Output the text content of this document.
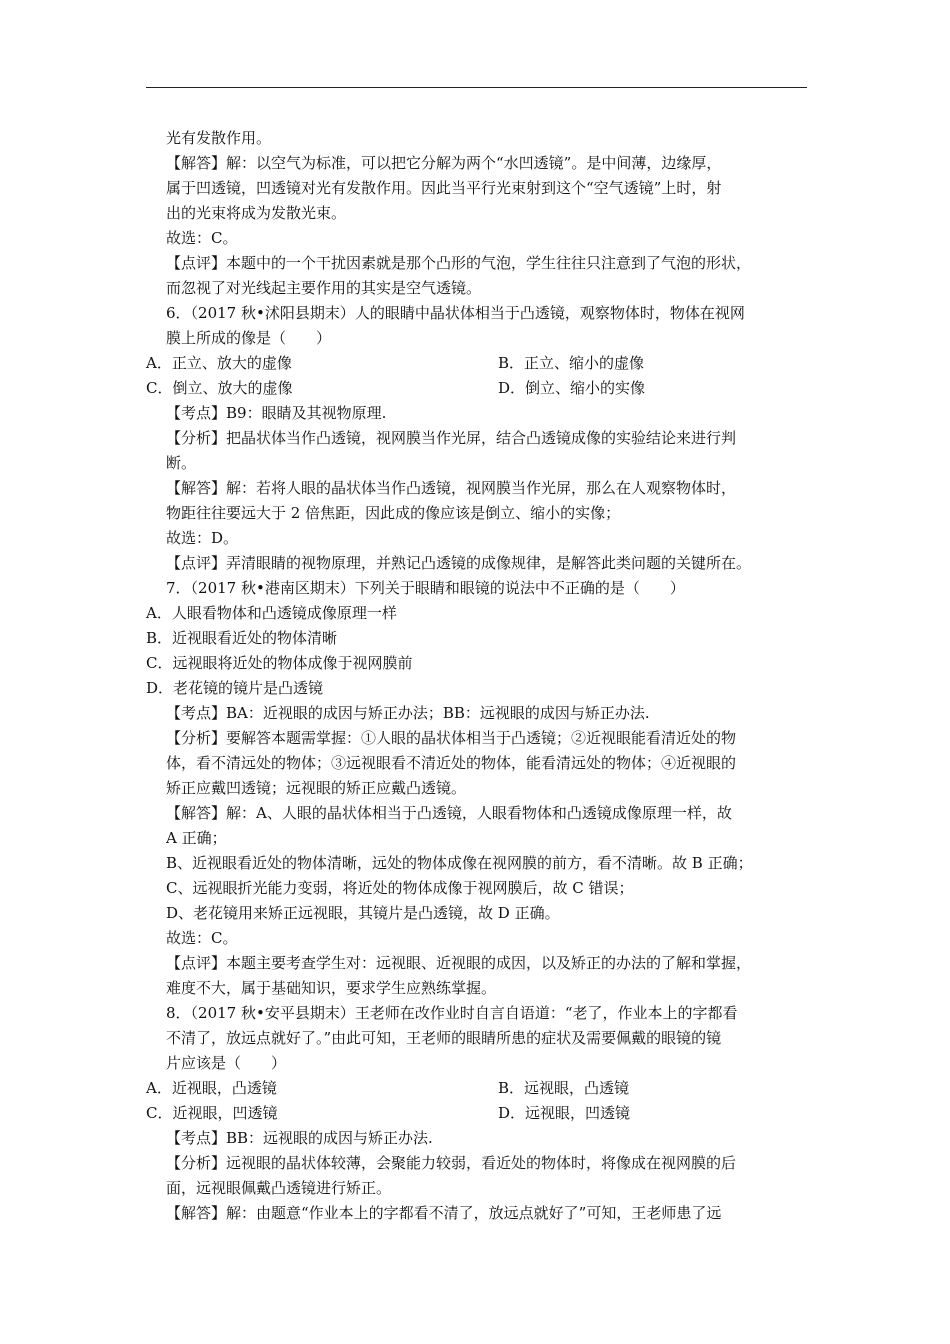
光有发散作用。
【解答】解：以空气为标准，可以把它分解为两个“水凹透镜”。是中间薄，边缘厚，
属于凹透镜，凹透镜对光有发散作用。因此当平行光束射到这个“空气透镜”上时，射
出的光束将成为发散光束。
故选：C。
【点评】本题中的一个干扰因素就是那个凸形的气泡，学生往往只注意到了气泡的形状，
而忽视了对光线起主要作用的其实是空气透镜。
6．（2017 秋•沭阳县期末）人的眼睛中晶状体相当于凸透镜，观察物体时，物体在视网
膜上所成的像是（　　）
A．正立、放大的虚像	B．正立、缩小的虚像
C．倒立、放大的虚像	D．倒立、缩小的实像
【考点】B9：眼睛及其视物原理.
【分析】把晶状体当作凸透镜，视网膜当作光屏，结合凸透镜成像的实验结论来进行判
断。
【解答】解：若将人眼的晶状体当作凸透镜，视网膜当作光屏，那么在人观察物体时，
物距往往要远大于 2 倍焦距，因此成的像应该是倒立、缩小的实像；
故选：D。
【点评】弄清眼睛的视物原理，并熟记凸透镜的成像规律，是解答此类问题的关键所在。
7．（2017 秋•港南区期末）下列关于眼睛和眼镜的说法中不正确的是（　　）
A．人眼看物体和凸透镜成像原理一样
B．近视眼看近处的物体清晰
C．远视眼将近处的物体成像于视网膜前
D．老花镜的镜片是凸透镜
【考点】BA：近视眼的成因与矫正办法；BB：远视眼的成因与矫正办法.
【分析】要解答本题需掌握：①人眼的晶状体相当于凸透镜；②近视眼能看清近处的物
体，看不清远处的物体；③远视眼看不清近处的物体，能看清远处的物体；④近视眼的
矫正应戴凹透镜；远视眼的矫正应戴凸透镜。
【解答】解：A、人眼的晶状体相当于凸透镜，人眼看物体和凸透镜成像原理一样，故
A 正确；
B、近视眼看近处的物体清晰，远处的物体成像在视网膜的前方，看不清晰。故 B 正确；
C、远视眼折光能力变弱，将近处的物体成像于视网膜后，故 C 错误；
D、老花镜用来矫正远视眼，其镜片是凸透镜，故 D 正确。
故选：C。
【点评】本题主要考查学生对：远视眼、近视眼的成因，以及矫正的办法的了解和掌握，
难度不大，属于基础知识，要求学生应熟练掌握。
8．（2017 秋•安平县期末）王老师在改作业时自言自语道：“老了，作业本上的字都看
不清了，放远点就好了。”由此可知，王老师的眼睛所患的症状及需要佩戴的眼镜的镜
片应该是（　　）
A．近视眼，凸透镜	B．远视眼，凸透镜
C．近视眼，凹透镜	D．远视眼，凹透镜
【考点】BB：远视眼的成因与矫正办法.
【分析】远视眼的晶状体较薄，会聚能力较弱，看近处的物体时，将像成在视网膜的后
面，远视眼佩戴凸透镜进行矫正。
【解答】解：由题意“作业本上的字都看不清了，放远点就好了”可知，王老师患了远
